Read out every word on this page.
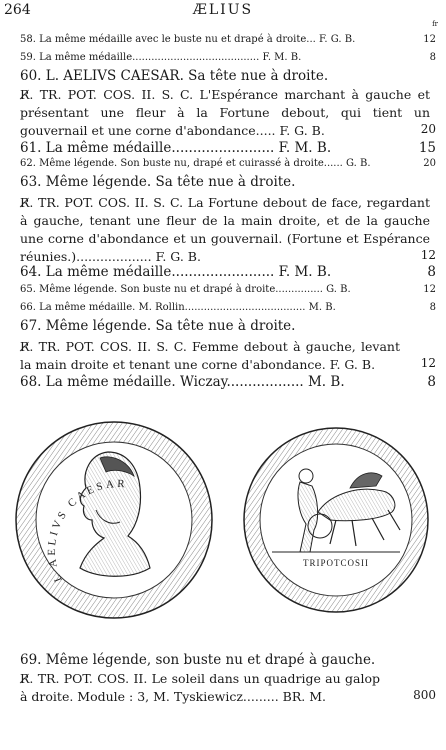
264	ÆLIUS
fr
58. La même médaille avec le buste nu et drapé à droite... F. G. B.	12
59. La même médaille........................................ F. M. B.	8
60. L. AELIVS CAESAR. Sa tête nue à droite.
R̸. TR. POT. COS. II. S. C. L'Espérance marchant à gauche et présentant une fleur à la Fortune debout, qui tient un gouvernail et une corne d'abondance..... F. G. B.	20
61. La même médaille........................ F. M. B.	15
62. Même légende. Son buste nu, drapé et cuirassé à droite...... G. B.	20
63. Même légende. Sa tête nue à droite.
R̸. TR. POT. COS. II. S. C. La Fortune debout de face, regardant à gauche, tenant une fleur de la main droite, et de la gauche une corne d'abondance et un gouvernail. (Fortune et Espérance réunies.)................... F. G. B.	12
64. La même médaille........................ F. M. B.	8
65. Même légende. Son buste nu et drapé à droite............... G. B.	12
66. La même médaille. M. Rollin...................................... M. B.	8
67. Même légende. Sa tête nue à droite.
R̸. TR. POT. COS. II. S. C. Femme debout à gauche, levant la main droite et tenant une corne d'abondance. F. G. B.	12
68. La même médaille. Wiczay.................. M. B.	8
L AELIVS CAESAR
TRIPOTCOSII
69. Même légende, son buste nu et drapé à gauche.
R̸. TR. POT. COS. II. Le soleil dans un quadrige au galop à droite. Module : 3, M. Tyskiewicz......... BR. M.	800
